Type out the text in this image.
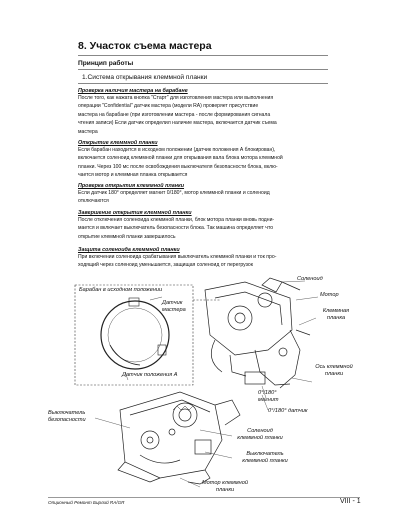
8. Участок съема мастера
Принцип работы
1.Система открывания клеммной планки
Проверка наличия мастера на барабане
После того, как нажата кнопка "Старт" для изготовления мастера или выполнения
операции "Confidential" датчик мастера (модели RA) проверяет присутствие
мастера на барабане (при изготовлении мастера - после формирования сигнала
чтения записи) Если датчик определил наличие мастера, включается датчик съема
мастера
Открытие клеммной планки
Если барабан находится в исходном положении (датчик положения А блокирован),
включается соленоид клеммной планки для открывания вала блока мотора клеммной
планки. Через 100 мс после освобождения выключателя безопасности блока, вклю-
чается мотор и клеммная планка открывается
Проверка открытия клеммной планки
Если датчик 180° определяет магнит 0/180°, мотор клеммной планки и соленоид
отключаются
Завершение открытия клеммной планки
После отключения соленоида клеммной планки, блок мотора планки вновь подни-
мается и включает выключатель безопасности блока. Так машина определяет что
открытие клеммной планки завершилось
Защита соленоида клеммной планки
При включении соленоида срабатывания выключатель клеммной планки и ток про-
ходящий через соленоид уменьшается, защищая соленоид от перегрузок
Барабан в исходном положении
Датчик мастера
Датчик положения А
Соленоид
Мотор
Клеммная планка
Ось клеммной планки
0°/180° магнит
0°/180° датчик
Выключатель безопасности
Соленоид клеммной планки
Выключатель клеммной планки
Мотор клеммной планки
Опционный Ремонт Бирлий RA/GR	VIII - 1
